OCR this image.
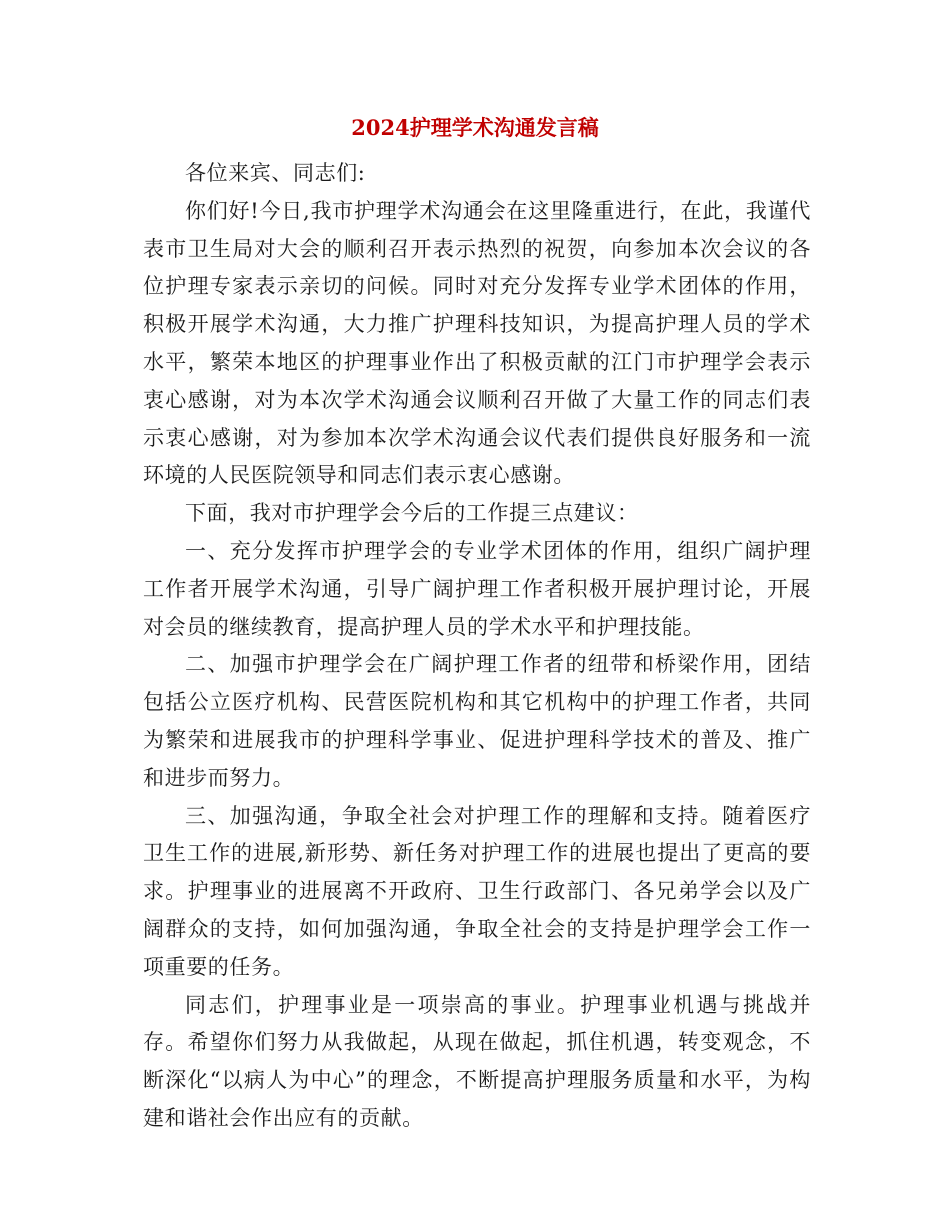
2024护理学术沟通发言稿

各位来宾、同志们:

你们好!今日,我市护理学术沟通会在这里隆重进行，在此，我谨代表市卫生局对大会的顺利召开表示热烈的祝贺，向参加本次会议的各位护理专家表示亲切的问候。同时对充分发挥专业学术团体的作用，积极开展学术沟通，大力推广护理科技知识，为提高护理人员的学术水平，繁荣本地区的护理事业作出了积极贡献的江门市护理学会表示衷心感谢，对为本次学术沟通会议顺利召开做了大量工作的同志们表示衷心感谢，对为参加本次学术沟通会议代表们提供良好服务和一流环境的人民医院领导和同志们表示衷心感谢。

下面，我对市护理学会今后的工作提三点建议：

一、充分发挥市护理学会的专业学术团体的作用，组织广阔护理工作者开展学术沟通，引导广阔护理工作者积极开展护理讨论，开展对会员的继续教育，提高护理人员的学术水平和护理技能。

二、加强市护理学会在广阔护理工作者的纽带和桥梁作用，团结包括公立医疗机构、民营医院机构和其它机构中的护理工作者，共同为繁荣和进展我市的护理科学事业、促进护理科学技术的普及、推广和进步而努力。

三、加强沟通，争取全社会对护理工作的理解和支持。随着医疗卫生工作的进展,新形势、新任务对护理工作的进展也提出了更高的要求。护理事业的进展离不开政府、卫生行政部门、各兄弟学会以及广阔群众的支持，如何加强沟通，争取全社会的支持是护理学会工作一项重要的任务。

同志们，护理事业是一项崇高的事业。护理事业机遇与挑战并存。希望你们努力从我做起，从现在做起，抓住机遇，转变观念，不断深化“以病人为中心”的理念，不断提高护理服务质量和水平，为构建和谐社会作出应有的贡献。
